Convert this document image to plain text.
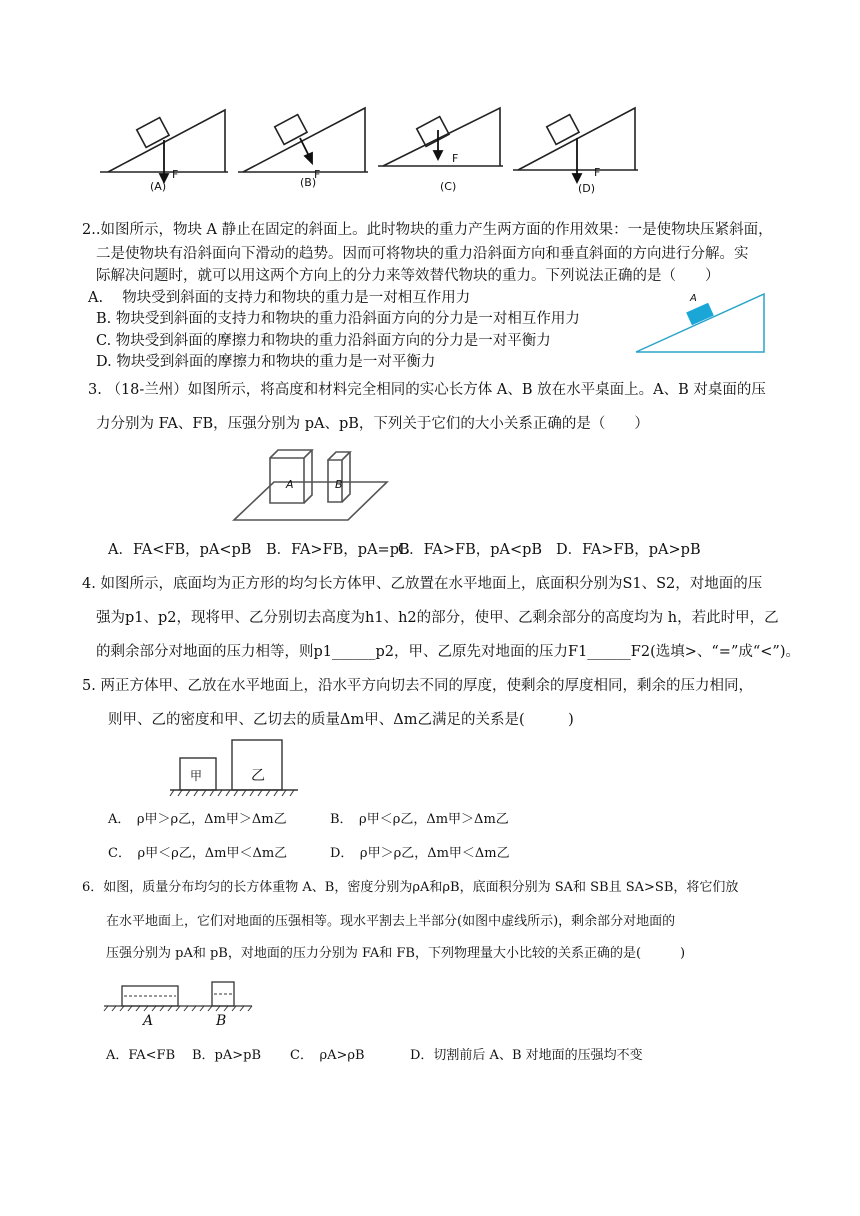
F	F
F
F
(A)	(B)	(C)	(D)
2..如图所示，物块 A 静止在固定的斜面上。此时物块的重力产生两方面的作用效果：一是使物块压紧斜面，
二是使物块有沿斜面向下滑动的趋势。因而可将物块的重力沿斜面方向和垂直斜面的方向进行分解。实
际解决问题时，就可以用这两个方向上的分力来等效替代物块的重力。下列说法正确的是（　　）
A.　 物块受到斜面的支持力和物块的重力是一对相互作用力
B. 物块受到斜面的支持力和物块的重力沿斜面方向的分力是一对相互作用力
C. 物块受到斜面的摩擦力和物块的重力沿斜面方向的分力是一对平衡力
D. 物块受到斜面的摩擦力和物块的重力是一对平衡力
A
3. （18-兰州）如图所示，将高度和材料完全相同的实心长方体 A、B 放在水平桌面上。A、B 对桌面的压
力分别为 FA、FB，压强分别为 pA、pB，下列关于它们的大小关系正确的是（　　）
A	B
A．FA<FB，pA<pB B．FA>FB，pA=pB
C．FA>FB，pA<pB D．FA>FB，pA>pB
4. 如图所示，底面均为正方形的均匀长方体甲、乙放置在水平地面上，底面积分别为S1、S2，对地面的压
强为p1、p2，现将甲、乙分别切去高度为h1、h2的部分，使甲、乙剩余部分的高度均为 h，若此时甲，乙
的剩余部分对地面的压力相等，则p1______p2，甲、乙原先对地面的压力F1______F2(选填>、“=”成“<”)。
5. 两正方体甲、乙放在水平地面上，沿水平方向切去不同的厚度，使剩余的厚度相同，剩余的压力相同，
则甲、乙的密度和甲、乙切去的质量Δm甲、Δm乙满足的关系是(　　　)
甲	乙
A．　ρ甲＞ρ乙，Δm甲＞Δm乙	B．　ρ甲＜ρ乙，Δm甲＞Δm乙
C．　ρ甲＜ρ乙，Δm甲＜Δm乙	D．　ρ甲＞ρ乙，Δm甲＜Δm乙
6．如图，质量分布均匀的长方体重物 A、B，密度分别为ρA和ρB，底面积分别为 SA和 SB且 SA>SB，将它们放
在水平地面上，它们对地面的压强相等。现水平割去上半部分(如图中虚线所示)，剩余部分对地面的
压强分别为 pA和 pB，对地面的压力分别为 FA和 FB，下列物理量大小比较的关系正确的是(　　　)
A	B
A．FA<FB B．pA>pB C．　ρA>ρB	D．切割前后 A、B 对地面的压强均不变
